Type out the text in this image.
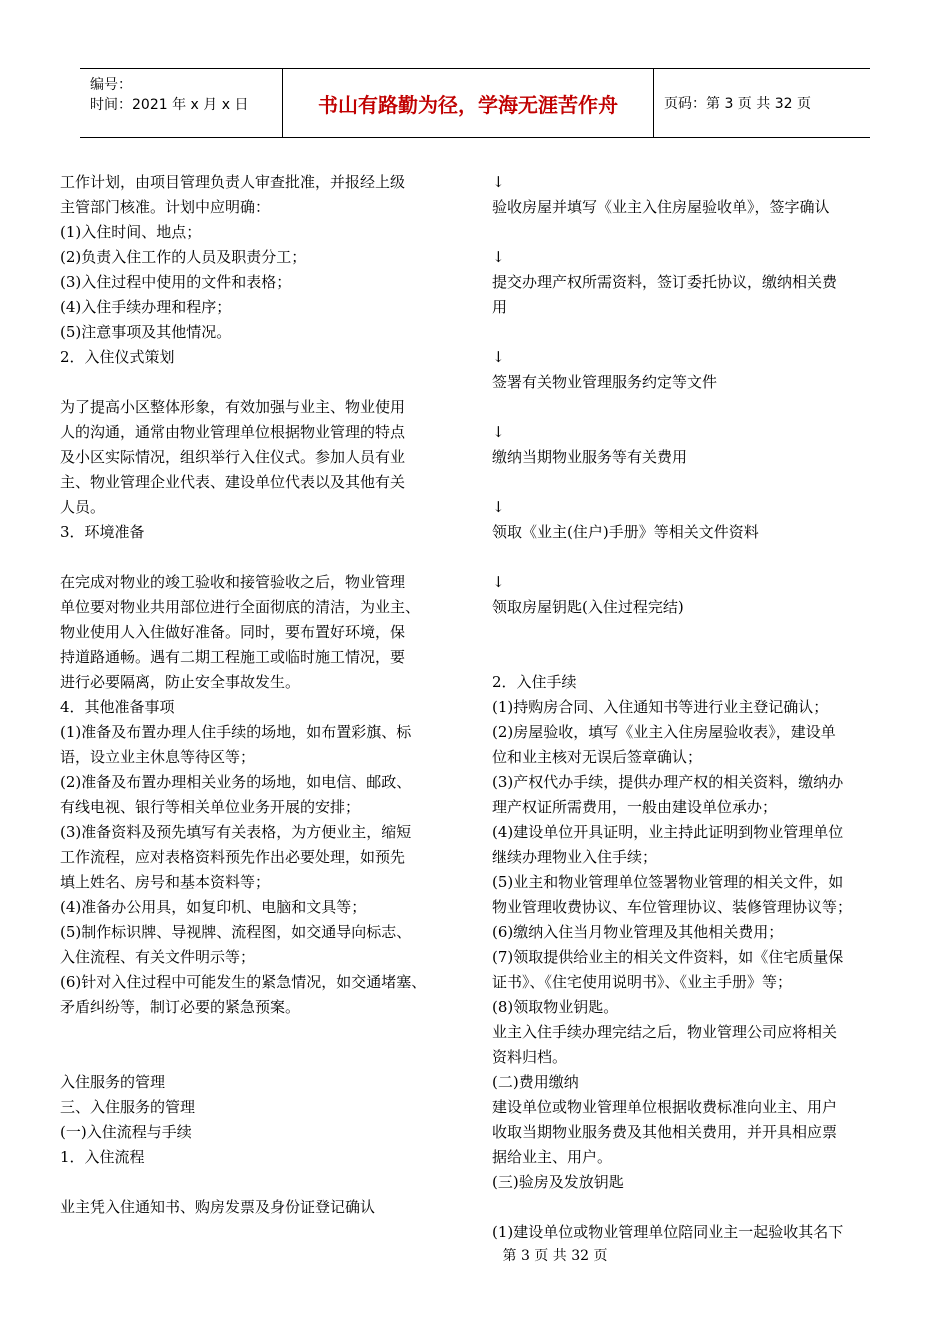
编号：
时间：2021 年 x 月 x 日	书山有路勤为径，学海无涯苦作舟	页码：第 3 页 共 32 页
工作计划，由项目管理负责人审查批准，并报经上级
主管部门核准。计划中应明确：
(1)入住时间、地点；
(2)负责入住工作的人员及职责分工；
(3)入住过程中使用的文件和表格；
(4)入住手续办理和程序；
(5)注意事项及其他情况。
2．入住仪式策划
为了提高小区整体形象，有效加强与业主、物业使用
人的沟通，通常由物业管理单位根据物业管理的特点
及小区实际情况，组织举行入住仪式。参加人员有业
主、物业管理企业代表、建设单位代表以及其他有关
人员。
3．环境准备
在完成对物业的竣工验收和接管验收之后，物业管理
单位要对物业共用部位进行全面彻底的清洁，为业主、
物业使用人入住做好准备。同时，要布置好环境，保
持道路通畅。遇有二期工程施工或临时施工情况，要
进行必要隔离，防止安全事故发生。
4．其他准备事项
(1)准备及布置办理人住手续的场地，如布置彩旗、标
语，设立业主休息等待区等；
(2)准备及布置办理相关业务的场地，如电信、邮政、
有线电视、银行等相关单位业务开展的安排；
(3)准备资料及预先填写有关表格，为方便业主，缩短
工作流程，应对表格资料预先作出必要处理，如预先
填上姓名、房号和基本资料等；
(4)准备办公用具，如复印机、电脑和文具等；
(5)制作标识牌、导视牌、流程图，如交通导向标志、
入住流程、有关文件明示等；
(6)针对入住过程中可能发生的紧急情况，如交通堵塞、
矛盾纠纷等，制订必要的紧急预案。
入住服务的管理
三、入住服务的管理
(一)入住流程与手续
1．入住流程
业主凭入住通知书、购房发票及身份证登记确认
↓
验收房屋并填写《业主入住房屋验收单》，签字确认
↓
提交办理产权所需资料，签订委托协议，缴纳相关费
用
↓
签署有关物业管理服务约定等文件
↓
缴纳当期物业服务等有关费用
↓
领取《业主(住户)手册》等相关文件资料
↓
领取房屋钥匙(入住过程完结)
2．入住手续
(1)持购房合同、入住通知书等进行业主登记确认；
(2)房屋验收，填写《业主入住房屋验收表》，建设单
位和业主核对无误后签章确认；
(3)产权代办手续，提供办理产权的相关资料，缴纳办
理产权证所需费用，一般由建设单位承办；
(4)建设单位开具证明，业主持此证明到物业管理单位
继续办理物业入住手续；
(5)业主和物业管理单位签署物业管理的相关文件，如
物业管理收费协议、车位管理协议、装修管理协议等；
(6)缴纳入住当月物业管理及其他相关费用；
(7)领取提供给业主的相关文件资料，如《住宅质量保
证书》、《住宅使用说明书》、《业主手册》等；
(8)领取物业钥匙。
业主入住手续办理完结之后，物业管理公司应将相关
资料归档。
(二)费用缴纳
建设单位或物业管理单位根据收费标准向业主、用户
收取当期物业服务费及其他相关费用，并开具相应票
据给业主、用户。
(三)验房及发放钥匙
(1)建设单位或物业管理单位陪同业主一起验收其名下
第 3 页 共 32 页
